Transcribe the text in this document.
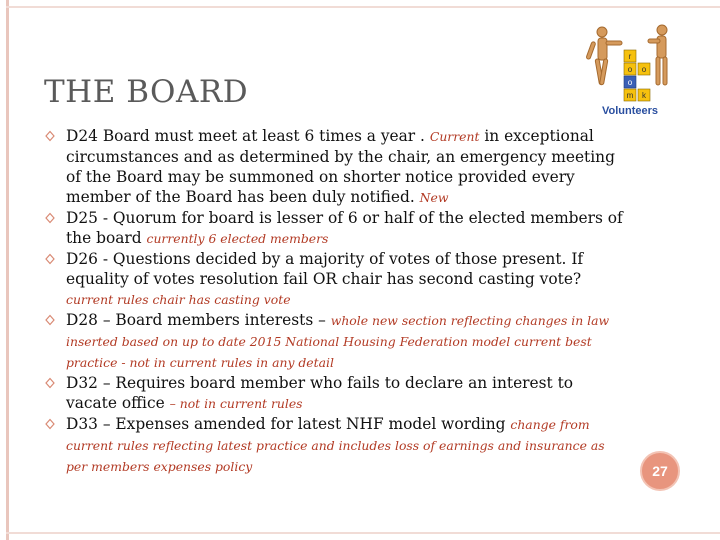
THE BOARD
r
o o
o
m k
Volunteers
D24 Board must meet at least 6 times a year . Current in exceptional circumstances and as determined by the chair, an emergency meeting of the Board may be summoned on shorter notice provided every member of the Board has been duly notified. New
D25 - Quorum for board is lesser of 6 or half of the elected members of the board currently 6 elected members
D26 - Questions decided by a majority of votes of those present. If equality of votes resolution fail OR chair has second casting vote? current rules chair has casting vote
D28 – Board members interests – whole new section reflecting changes in law inserted based on up to date 2015 National Housing Federation model current best practice - not in current rules in any detail
D32 – Requires board member who fails to declare an interest to vacate office – not in current rules
D33 – Expenses amended for latest NHF model wording change from current rules reflecting latest practice and includes loss of earnings and insurance as per members expenses policy	27
